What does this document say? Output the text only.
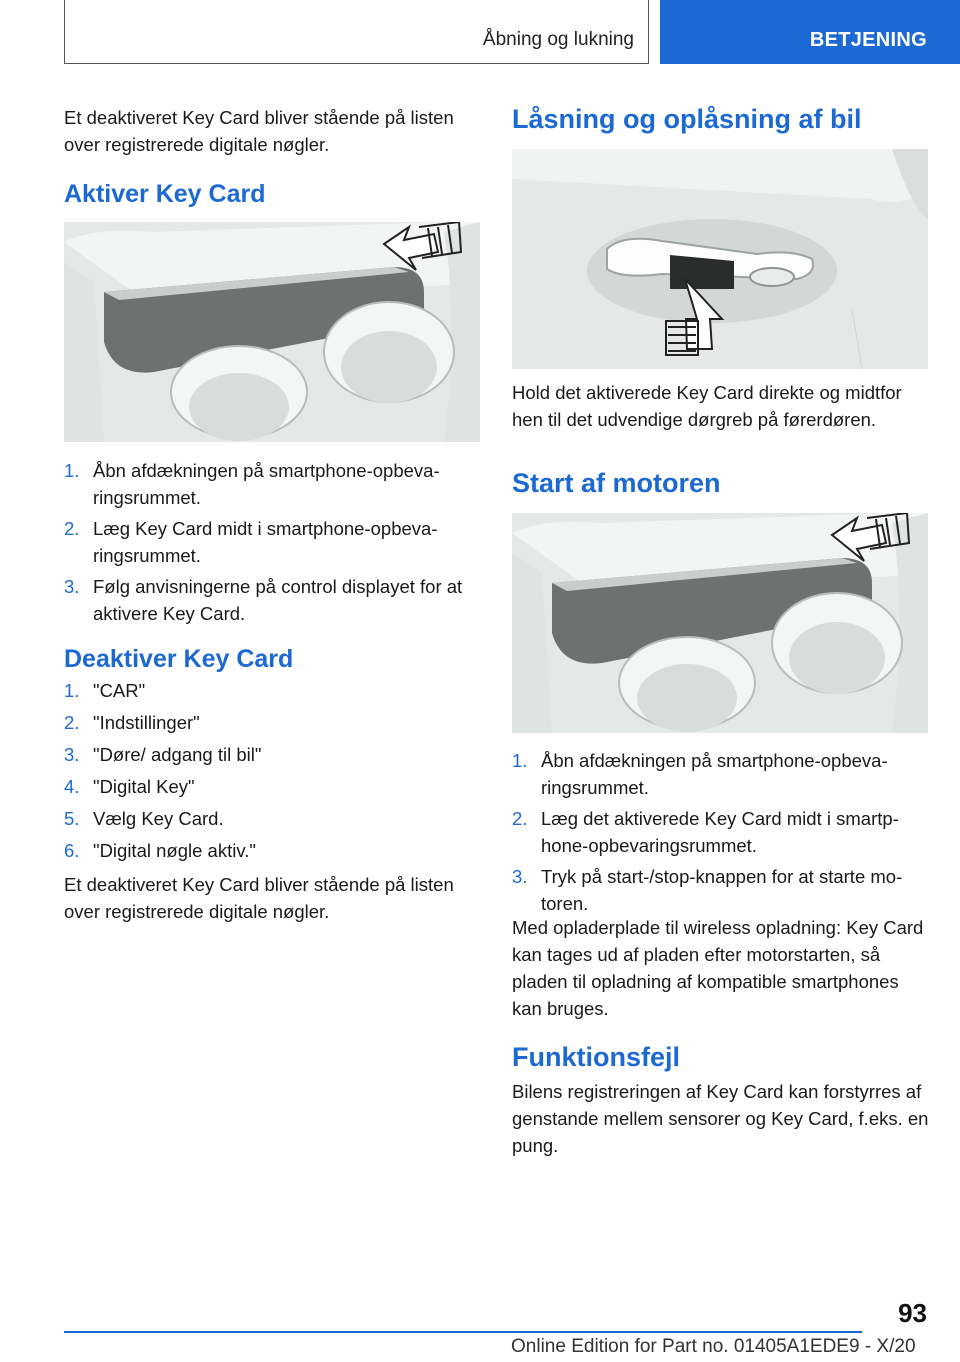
Åbning og lukning	BETJENING

Et deaktiveret Key Card bliver stående på listen over registrerede digitale nøgler.

Aktiver Key Card
1. Åbn afdækningen på smartphone-opbevaringsrummet.
2. Læg Key Card midt i smartphone-opbevaringsrummet.
3. Følg anvisningerne på control displayet for at aktivere Key Card.
Deaktiver Key Card
1. "CAR"
2. "Indstillinger"
3. "Døre/ adgang til bil"
4. "Digital Key"
5. Vælg Key Card.
6. "Digital nøgle aktiv."

Et deaktiveret Key Card bliver stående på listen over registrerede digitale nøgler.

Låsning og oplåsning af bil

Hold det aktiverede Key Card direkte og midtfor hen til det udvendige dørgreb på førerdøren.

Start af motoren
1. Åbn afdækningen på smartphone-opbevaringsrummet.
2. Læg det aktiverede Key Card midt i smartphone-opbevaringsrummet.
3. Tryk på start-/stop-knappen for at starte motoren.

Med opladerplade til wireless opladning: Key Card kan tages ud af pladen efter motorstarten, så pladen til opladning af kompatible smartphones kan bruges.

Funktionsfejl

Bilens registreringen af Key Card kan forstyrres af genstande mellem sensorer og Key Card, f.eks. en pung.

93
Online Edition for Part no. 01405A1EDE9 - X/20
